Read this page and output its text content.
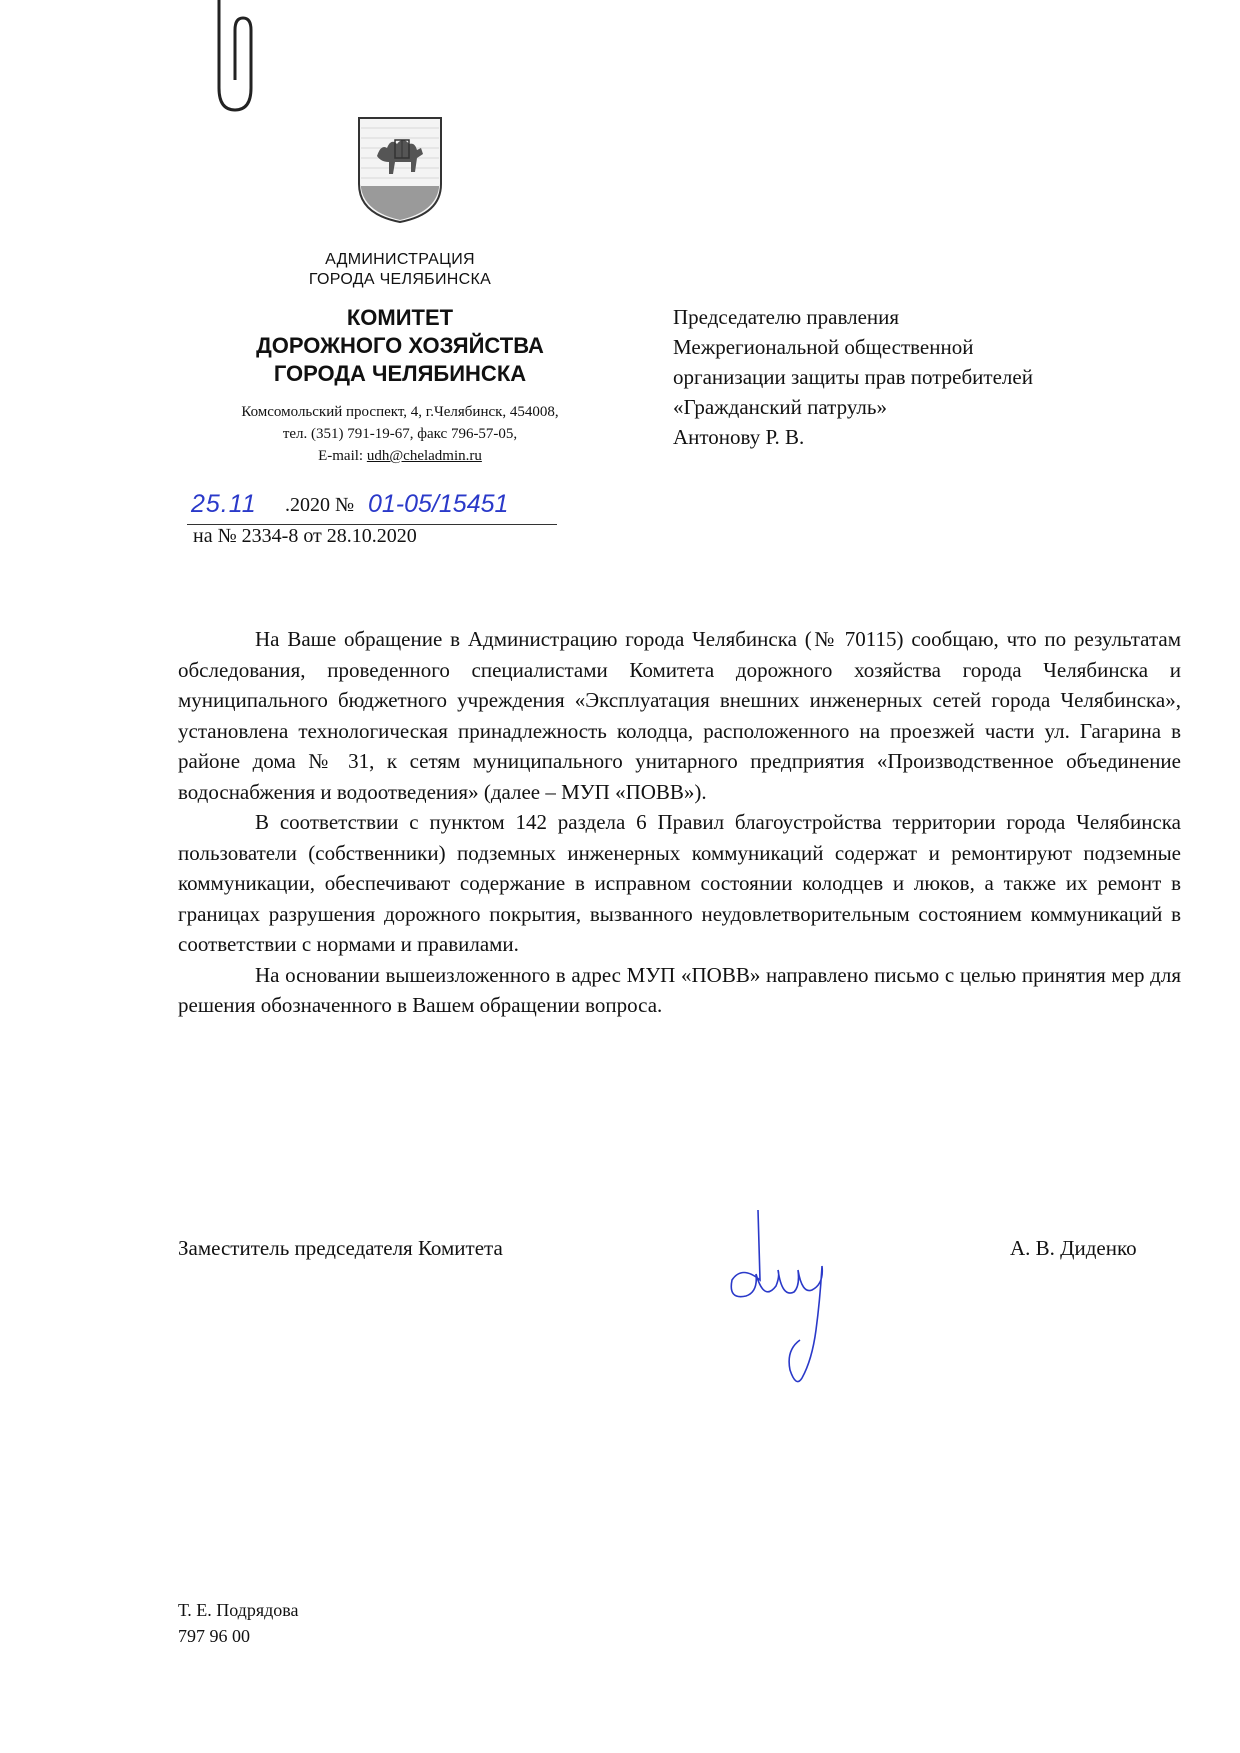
АДМИНИСТРАЦИЯ
ГОРОДА ЧЕЛЯБИНСКА
КОМИТЕТ
ДОРОЖНОГО ХОЗЯЙСТВА
ГОРОДА ЧЕЛЯБИНСКА
Комсомольский проспект, 4, г.Челябинск, 454008,
тел. (351) 791-19-67, факс 796-57-05,
E-mail: udh@cheladmin.ru
25.11 .2020 № 01-05/15451
на № 2334-8 от 28.10.2020
Председателю правления
Межрегиональной общественной
организации защиты прав потребителей
«Гражданский патруль»
Антонову Р. В.

На Ваше обращение в Администрацию города Челябинска (№ 70115) сообщаю, что по результатам обследования, проведенного специалистами Комитета дорожного хозяйства города Челябинска и муниципального бюджетного учреждения «Эксплуатация внешних инженерных сетей города Челябинска», установлена технологическая принадлежность колодца, расположенного на проезжей части ул. Гагарина в районе дома № 31, к сетям муниципального унитарного предприятия «Производственное объединение водоснабжения и водоотведения» (далее – МУП «ПОВВ»).

В соответствии с пунктом 142 раздела 6 Правил благоустройства территории города Челябинска пользователи (собственники) подземных инженерных коммуникаций содержат и ремонтируют подземные коммуникации, обеспечивают содержание в исправном состоянии колодцев и люков, а также их ремонт в границах разрушения дорожного покрытия, вызванного неудовлетворительным состоянием коммуникаций в соответствии с нормами и правилами.

На основании вышеизложенного в адрес МУП «ПОВВ» направлено письмо с целью принятия мер для решения обозначенного в Вашем обращении вопроса.

Заместитель председателя Комитета	А. В. Диденко
Т. Е. Подрядова
797 96 00
